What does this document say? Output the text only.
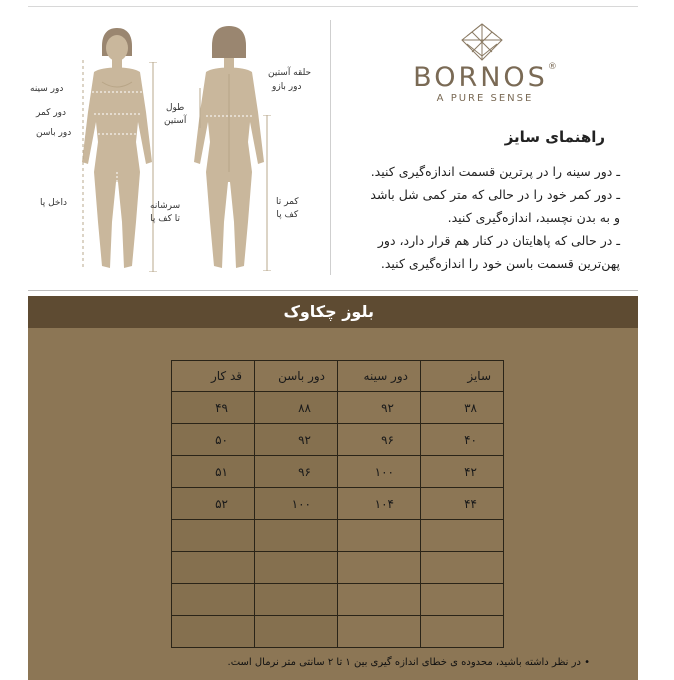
دور سینه
دور کمر
دور باسن
داخل پا	سرشانه
تا کف پا
حلقه آستین
دور بازو
طول
آستین
کمر تا
کف پا
BORNOS®
A PURE SENSE
راهنمای سایز
ـ دور سینه را در پرترین قسمت اندازه‌گیری کنید.
ـ دور کمر خود را در حالی که متر کمی شل باشد
و به بدن نچسبد، اندازه‌گیری کنید.
ـ در حالی که پاهایتان در کنار هم قرار دارد، دور
پهن‌ترین قسمت باسن خود را اندازه‌گیری کنید.
بلوز چکاوک
سایز	دور سینه	دور باسن	قد کار
۳۸	۹۲	۸۸	۴۹
۴۰	۹۶	۹۲	۵۰
۴۲	۱۰۰	۹۶	۵۱
۴۴	۱۰۴	۱۰۰	۵۲

• در نظر داشته باشید، محدوده ی خطای اندازه گیری بین ۱ تا ۲ سانتی متر نرمال است.
